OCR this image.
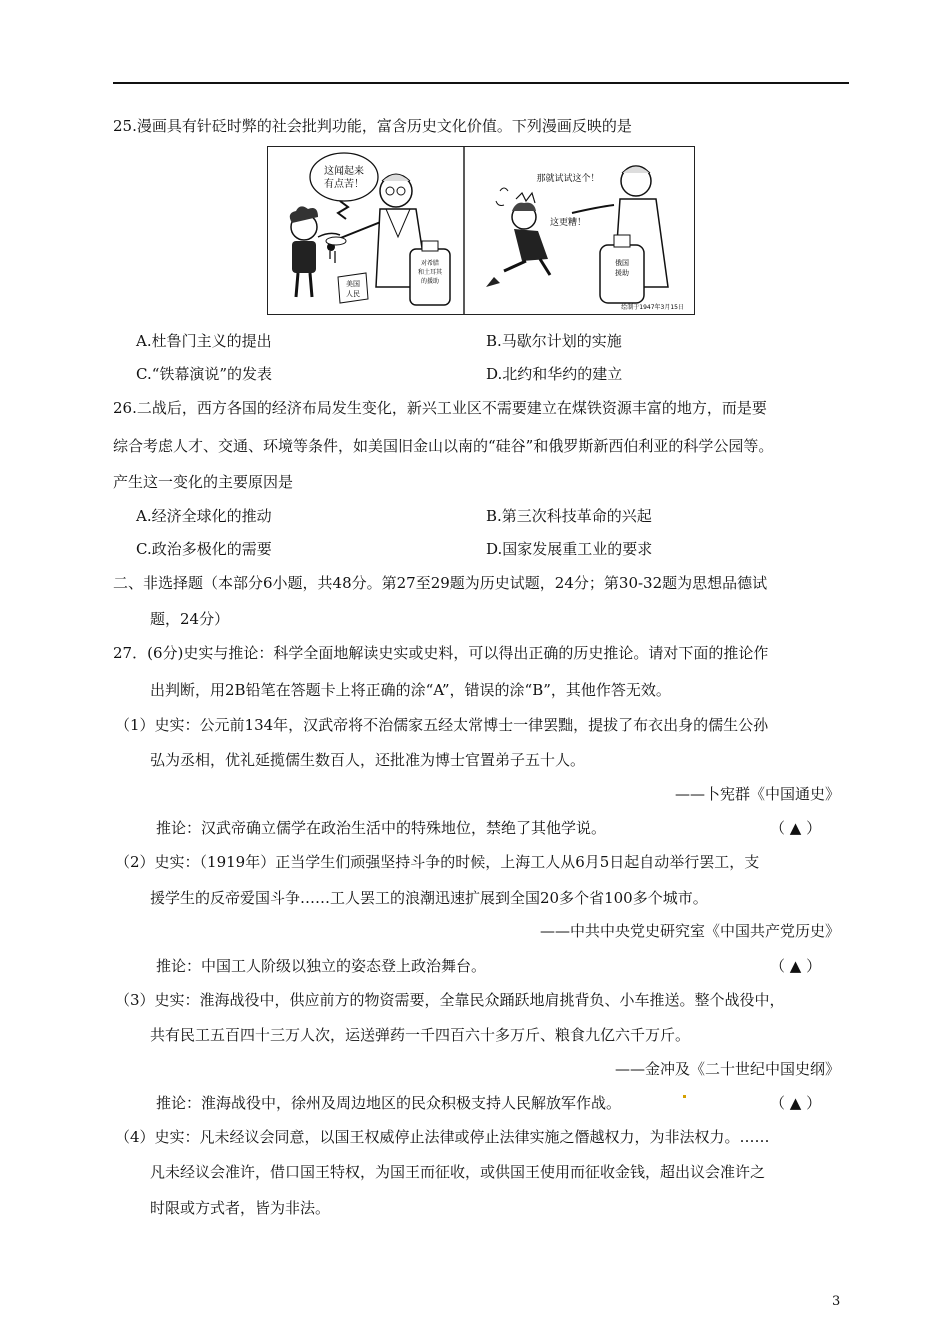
25.漫画具有针砭时弊的社会批判功能，富含历史文化价值。下列漫画反映的是
这闻起来
有点苦！
对希腊
和土耳其
的援助
美国
人民
那就试试这个！
这更糟！
俄国
援助
绘制于1947年3月15日
A.杜鲁门主义的提出	B.马歇尔计划的实施
C.“铁幕演说”的发表	D.北约和华约的建立
26.二战后，西方各国的经济布局发生变化，新兴工业区不需要建立在煤铁资源丰富的地方，而是要
综合考虑人才、交通、环境等条件，如美国旧金山以南的“硅谷”和俄罗斯新西伯利亚的科学公园等。
产生这一变化的主要原因是
A.经济全球化的推动	B.第三次科技革命的兴起
C.政治多极化的需要	D.国家发展重工业的要求
二、非选择题（本部分6小题，共48分。第27至29题为历史试题，24分；第30-32题为思想品德试
题，24分）
27．(6分)史实与推论：科学全面地解读史实或史料，可以得出正确的历史推论。请对下面的推论作
出判断，用2B铅笔在答题卡上将正确的涂“A”，错误的涂“B”，其他作答无效。
（1）史实：公元前134年，汉武帝将不治儒家五经太常博士一律罢黜，提拔了布衣出身的儒生公孙
弘为丞相，优礼延揽儒生数百人，还批准为博士官置弟子五十人。
——卜宪群《中国通史》
推论：汉武帝确立儒学在政治生活中的特殊地位，禁绝了其他学说。	（ ▲ ）
（2）史实：（1919年）正当学生们顽强坚持斗争的时候，上海工人从6月5日起自动举行罢工，支
援学生的反帝爱国斗争……工人罢工的浪潮迅速扩展到全国20多个省100多个城市。
——中共中央党史研究室《中国共产党历史》
推论：中国工人阶级以独立的姿态登上政治舞台。	（ ▲ ）
（3）史实：淮海战役中，供应前方的物资需要，全靠民众踊跃地肩挑背负、小车推送。整个战役中，
共有民工五百四十三万人次，运送弹药一千四百六十多万斤、粮食九亿六千万斤。
——金冲及《二十世纪中国史纲》
推论：淮海战役中，徐州及周边地区的民众积极支持人民解放军作战。	（ ▲ ）
（4）史实：凡未经议会同意，以国王权威停止法律或停止法律实施之僭越权力，为非法权力。……
凡未经议会准许，借口国王特权，为国王而征收，或供国王使用而征收金钱，超出议会准许之
时限或方式者，皆为非法。
3
